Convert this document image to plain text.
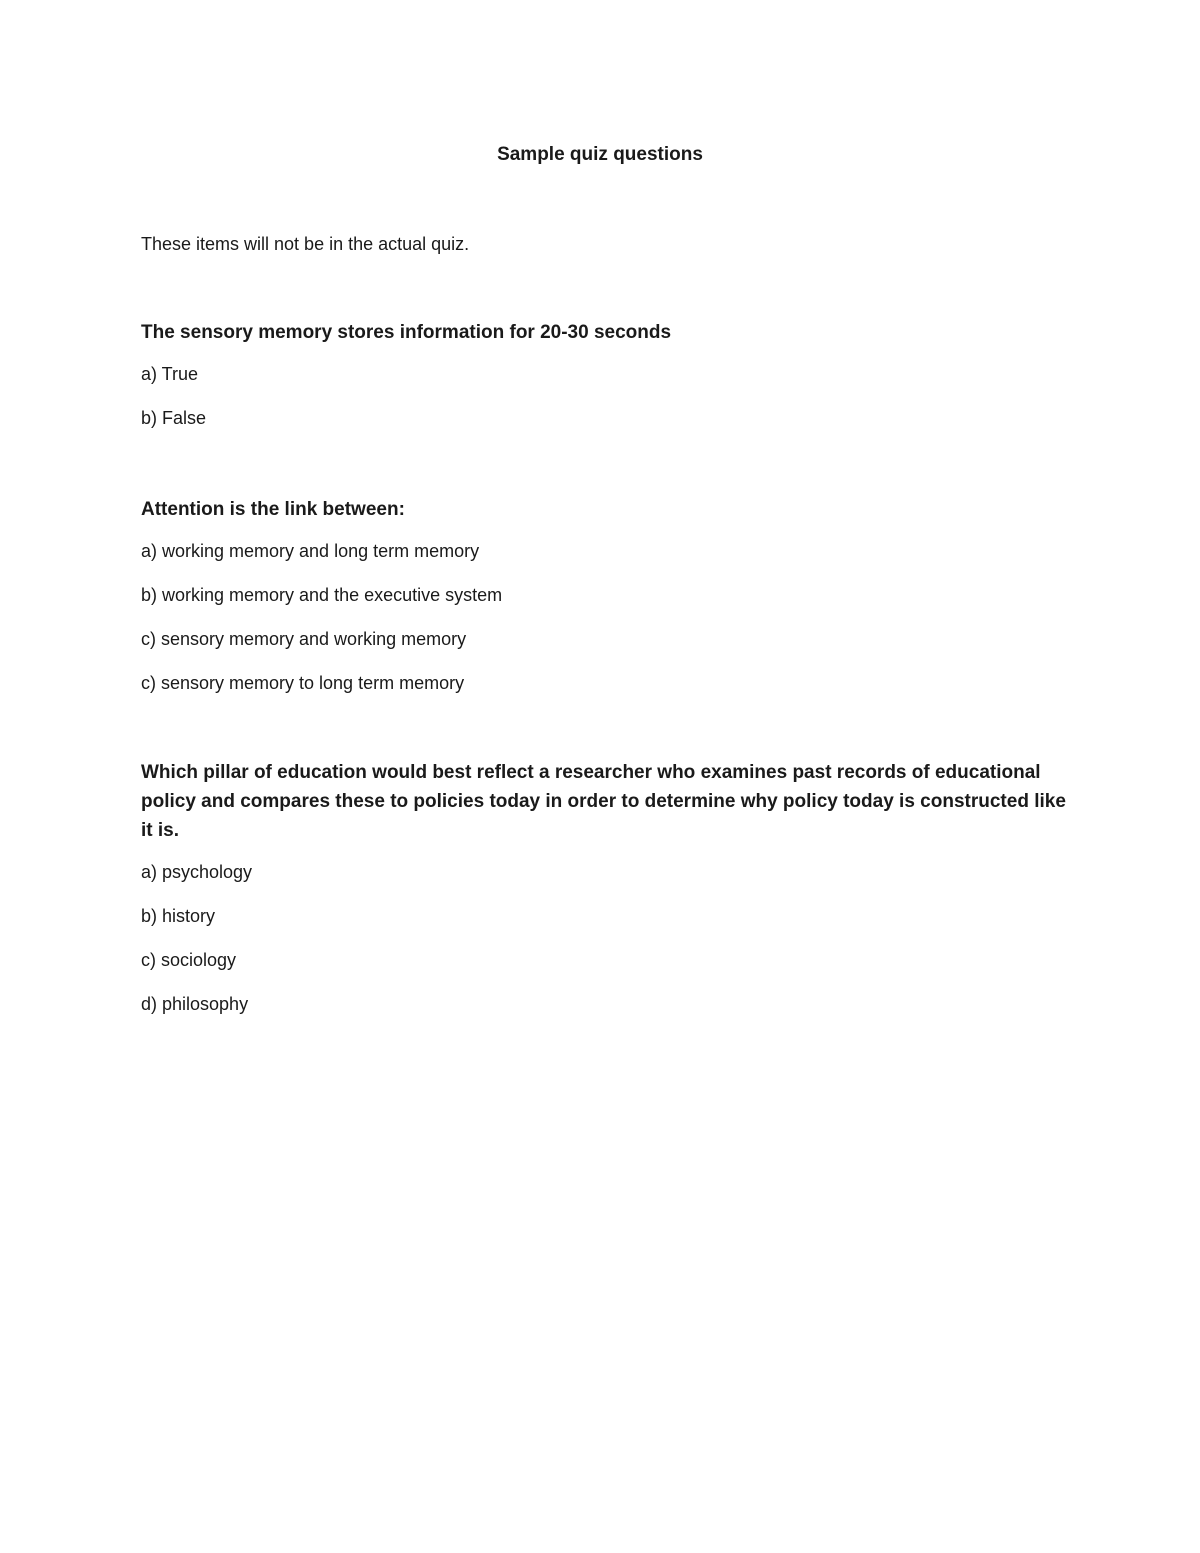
Sample quiz questions

These items will not be in the actual quiz.

The sensory memory stores information for 20-30 seconds

a) True
b) False

Attention is the link between:

a) working memory and long term memory
b) working memory and the executive system
c) sensory memory and working memory
c) sensory memory to long term memory

Which pillar of education would best reflect a researcher who examines past records of educational policy and compares these to policies today in order to determine why policy today is constructed like it is.

a) psychology
b) history
c) sociology
d) philosophy
